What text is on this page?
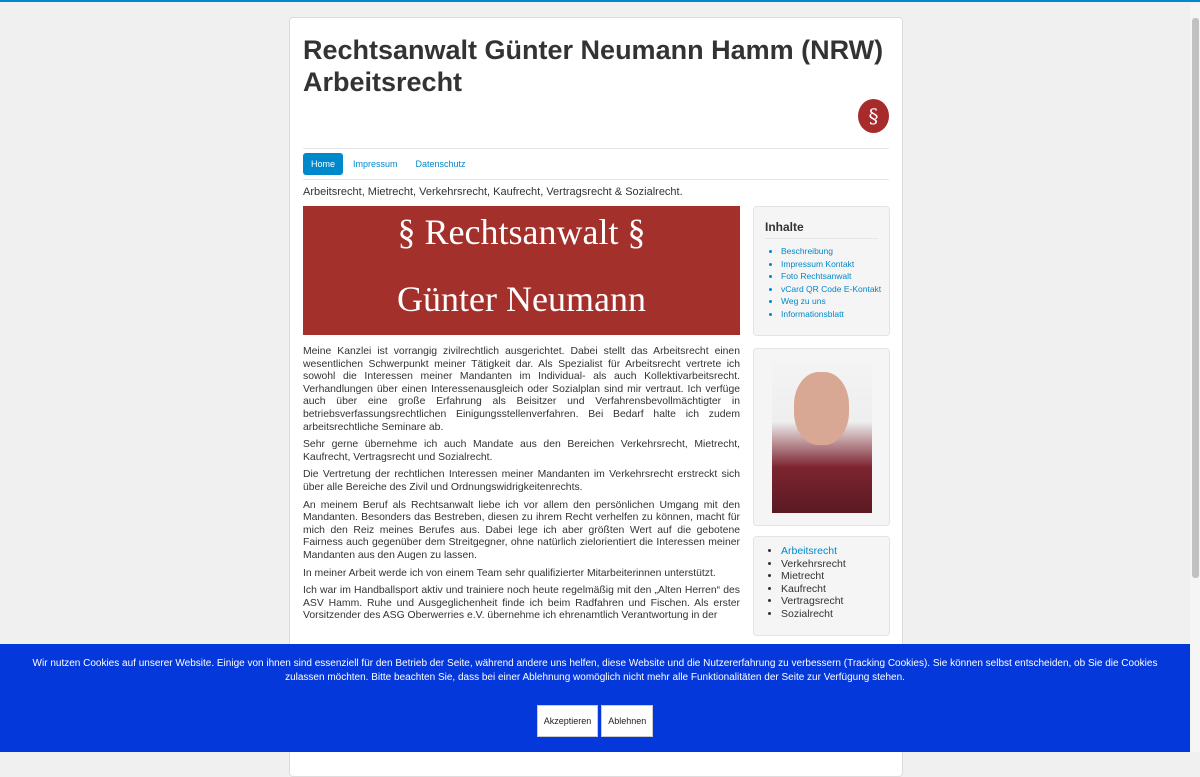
Rechtsanwalt Günter Neumann Hamm (NRW)
Arbeitsrecht
§
Home	Impressum	Datenschutz
Arbeitsrecht, Mietrecht, Verkehrsrecht, Kaufrecht, Vertragsrecht & Sozialrecht.
§ Rechtsanwalt §
Günter Neumann

Meine Kanzlei ist vorrangig zivilrechtlich ausgerichtet. Dabei stellt das Arbeitsrecht einen wesentlichen Schwerpunkt meiner Tätigkeit dar. Als Spezialist für Arbeitsrecht vertrete ich sowohl die Interessen meiner Mandanten im Individual- als auch Kollektivarbeitsrecht. Verhandlungen über einen Interessenausgleich oder Sozialplan sind mir vertraut. Ich verfüge auch über eine große Erfahrung als Beisitzer und Verfahrensbevollmächtigter in betriebsverfassungsrechtlichen Einigungsstellenverfahren. Bei Bedarf halte ich zudem arbeitsrechtliche Seminare ab.

Sehr gerne übernehme ich auch Mandate aus den Bereichen Verkehrsrecht, Mietrecht, Kaufrecht, Vertragsrecht und Sozialrecht.

Die Vertretung der rechtlichen Interessen meiner Mandanten im Verkehrsrecht erstreckt sich über alle Bereiche des Zivil und Ordnungswidrigkeitenrechts.

An meinem Beruf als Rechtsanwalt liebe ich vor allem den persönlichen Umgang mit den Mandanten. Besonders das Bestreben, diesen zu ihrem Recht verhelfen zu können, macht für mich den Reiz meines Berufes aus. Dabei lege ich aber größten Wert auf die gebotene Fairness auch gegenüber dem Streitgegner, ohne natürlich zielorientiert die Interessen meiner Mandanten aus den Augen zu lassen.

In meiner Arbeit werde ich von einem Team sehr qualifizierter Mitarbeiterinnen unterstützt.

Ich war im Handballsport aktiv und trainiere noch heute regelmäßig mit den „Alten Herren“ des ASV Hamm. Ruhe und Ausgeglichenheit finde ich beim Radfahren und Fischen. Als erster Vorsitzender des ASG Oberwerries e.V. übernehme ich ehrenamtlich Verantwortung in der

Inhalte
• Beschreibung
• Impressum Kontakt
• Foto Rechtsanwalt
• vCard QR Code E-Kontakt
• Weg zu uns
• Informationsblatt
• Arbeitsrecht
• Verkehrsrecht
• Mietrecht
• Kaufrecht
• Vertragsrecht
• Sozialrecht
Wir nutzen Cookies auf unserer Website. Einige von ihnen sind essenziell für den Betrieb der Seite, während andere uns helfen, diese Website und die Nutzererfahrung zu verbessern (Tracking Cookies). Sie können selbst entscheiden, ob Sie die Cookies zulassen möchten. Bitte beachten Sie, dass bei einer Ablehnung womöglich nicht mehr alle Funktionalitäten der Seite zur Verfügung stehen.
Akzeptieren	Ablehnen
